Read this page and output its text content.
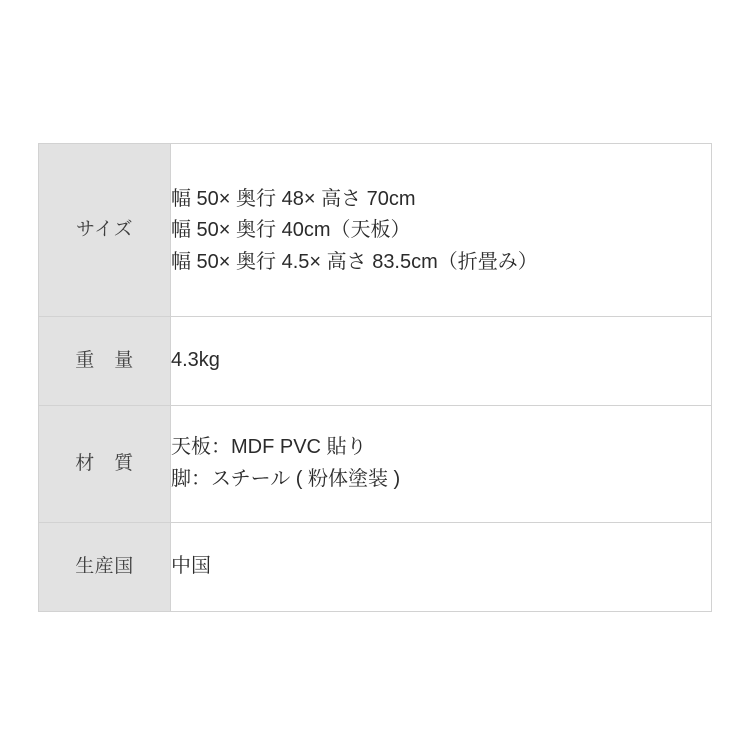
サイズ	幅 50× 奥行 48× 高さ 70cm
幅 50× 奥行 40cm（天板）
幅 50× 奥行 4.5× 高さ 83.5cm（折畳み）

重　量	4.3kg

材　質	天板：MDF PVC 貼り
脚：スチール ( 粉体塗装 )

生産国	中国
